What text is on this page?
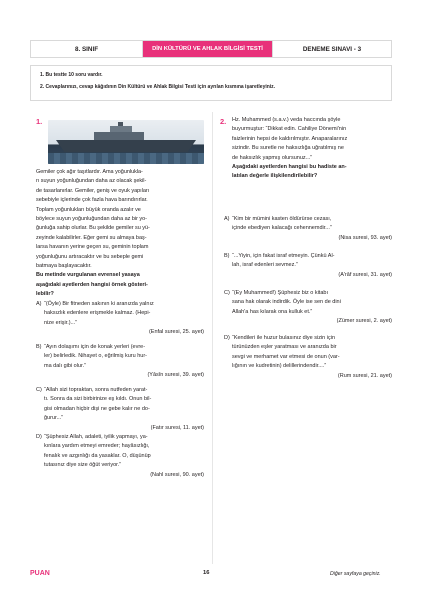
8. SINIF	DİN KÜLTÜRÜ VE AHLAK BİLGİSİ TESTİ	DENEME SINAVI - 3
1. Bu testte 10 soru vardır.
2. Cevaplarınızı, cevap kâğıdının Din Kültürü ve Ahlak Bilgisi Testi için ayrılan kısmına işaretleyiniz.
1.
Gemiler çok ağır taşıtlardır. Ama yoğunlukla-
rı suyun yoğunluğundan daha az olacak şekil-
de tasarlanırlar. Gemiler, geniş ve oyuk yapıları
sebebiyle içlerinde çok fazla hava barındırırlar.
Toplam yoğunlukları büyük oranda azalır ve
böylece suyun yoğunluğundan daha az bir yo-
ğunluğa sahip olurlar. Bu şekilde gemiler su yü-
zeyinde kalabilirler. Eğer gemi su almaya baş-
larsa havanın yerine geçen su, geminin toplam
yoğunluğunu artıracaktır ve bu sebeple gemi
batmaya başlayacaktır.
Bu metinde vurgulanan evrensel yasaya
aşağıdaki ayetlerden hangisi örnek gösteri-
lebilir?
A) “(Öyle) Bir fitneden sakının ki aranızda yalnız
haksızlık edenlere erişmekle kalmaz. (Hepi-
nize erişir.)...”
(Enfal suresi, 25. ayet)
B) “Ayın dolaşımı için de konak yerleri (evre-
ler) belirledik. Nihayet o, eğrilmiş kuru hur-
ma dalı gibi olur.”
(Yâsîn suresi, 39. ayet)
C) “Allah sizi topraktan, sonra nutfeden yarat-
tı. Sonra da sizi birbirinize eş kıldı. Onun bil-
gisi olmadan hiçbir dişi ne gebe kalır ne do-
ğurur...”
(Fatır suresi, 11. ayet)
D) “Şüphesiz Allah, adaleti, iyilik yapmayı, ya-
kınlara yardım etmeyi emreder; hayâsızlığı,
fenalık ve azgınlığı da yasaklar. O, düşünüp
tutasınız diye size öğüt veriyor.”
(Nahl suresi, 90. ayet)
2. Hz. Muhammed (s.a.v.) veda haccında şöyle
buyurmuştur: “Dikkat edin. Cahiliye Dönemi'nin
faizlerinin hepsi de kaldırılmıştır. Anaparalarınız
sizindir. Bu suretle ne haksızlığa uğratılmış ne
de haksızlık yapmış olursunuz...”
Aşağıdaki ayetlerden hangisi bu hadiste an-
latılan değerle ilişkilendirilebilir?
A) “Kim bir mümini kasten öldürürse cezası,
içinde ebediyen kalacağı cehennemdir...”
(Nisa suresi, 93. ayet)
B) “...Yiyin, için fakat israf etmeyin. Çünkü Al-
lah, israf edenleri sevmez.”
(A'râf suresi, 31. ayet)
C) “(Ey Muhammed!) Şüphesiz biz o kitabı
sana hak olarak indirdik. Öyle ise sen de dini
Allah'a has kılarak ona kulluk et.”
(Zümer suresi, 2. ayet)
D) “Kendileri ile huzur bulasınız diye sizin için
türünüzden eşler yaratması ve aranızda bir
sevgi ve merhamet var etmesi de onun (var-
lığının ve kudretinin) delillerindendir....”
(Rum suresi, 21. ayet)
PUAN	16	Diğer sayfaya geçiniz.
